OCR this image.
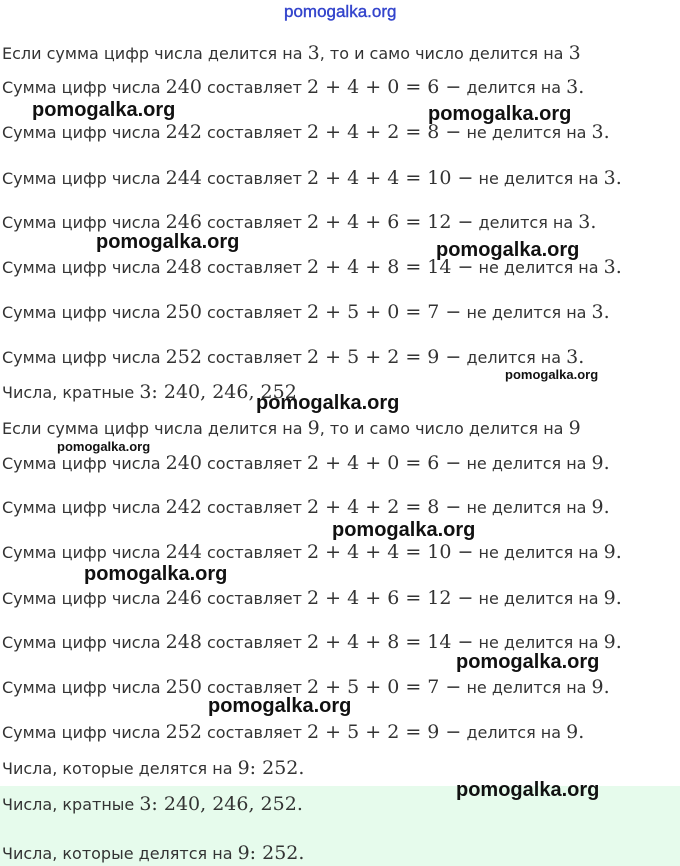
Если сумма цифр числа делится на 3, то и само число делится на 3
Сумма цифр числа 240 составляет 2 + 4 + 0 = 6 − делится на 3.
Сумма цифр числа 242 составляет 2 + 4 + 2 = 8 − не делится на 3.
Сумма цифр числа 244 составляет 2 + 4 + 4 = 10 − не делится на 3.
Сумма цифр числа 246 составляет 2 + 4 + 6 = 12 − делится на 3.
Сумма цифр числа 248 составляет 2 + 4 + 8 = 14 − не делится на 3.
Сумма цифр числа 250 составляет 2 + 5 + 0 = 7 − не делится на 3.
Сумма цифр числа 252 составляет 2 + 5 + 2 = 9 − делится на 3.
Числа, кратные 3: 240, 246, 252
Если сумма цифр числа делится на 9, то и само число делится на 9
Сумма цифр числа 240 составляет 2 + 4 + 0 = 6 − не делится на 9.
Сумма цифр числа 242 составляет 2 + 4 + 2 = 8 − не делится на 9.
Сумма цифр числа 244 составляет 2 + 4 + 4 = 10 − не делится на 9.
Сумма цифр числа 246 составляет 2 + 4 + 6 = 12 − не делится на 9.
Сумма цифр числа 248 составляет 2 + 4 + 8 = 14 − не делится на 9.
Сумма цифр числа 250 составляет 2 + 5 + 0 = 7 − не делится на 9.
Сумма цифр числа 252 составляет 2 + 5 + 2 = 9 − делится на 9.
Числа, которые делятся на 9: 252.
Числа, кратные 3: 240, 246, 252.
Числа, которые делятся на 9: 252.
pomogalka.org
pomogalka.org	pomogalka.org
pomogalka.org	pomogalka.org
pomogalka.org
pomogalka.org
pomogalka.org
pomogalka.org
pomogalka.org
pomogalka.org
pomogalka.org
pomogalka.org
